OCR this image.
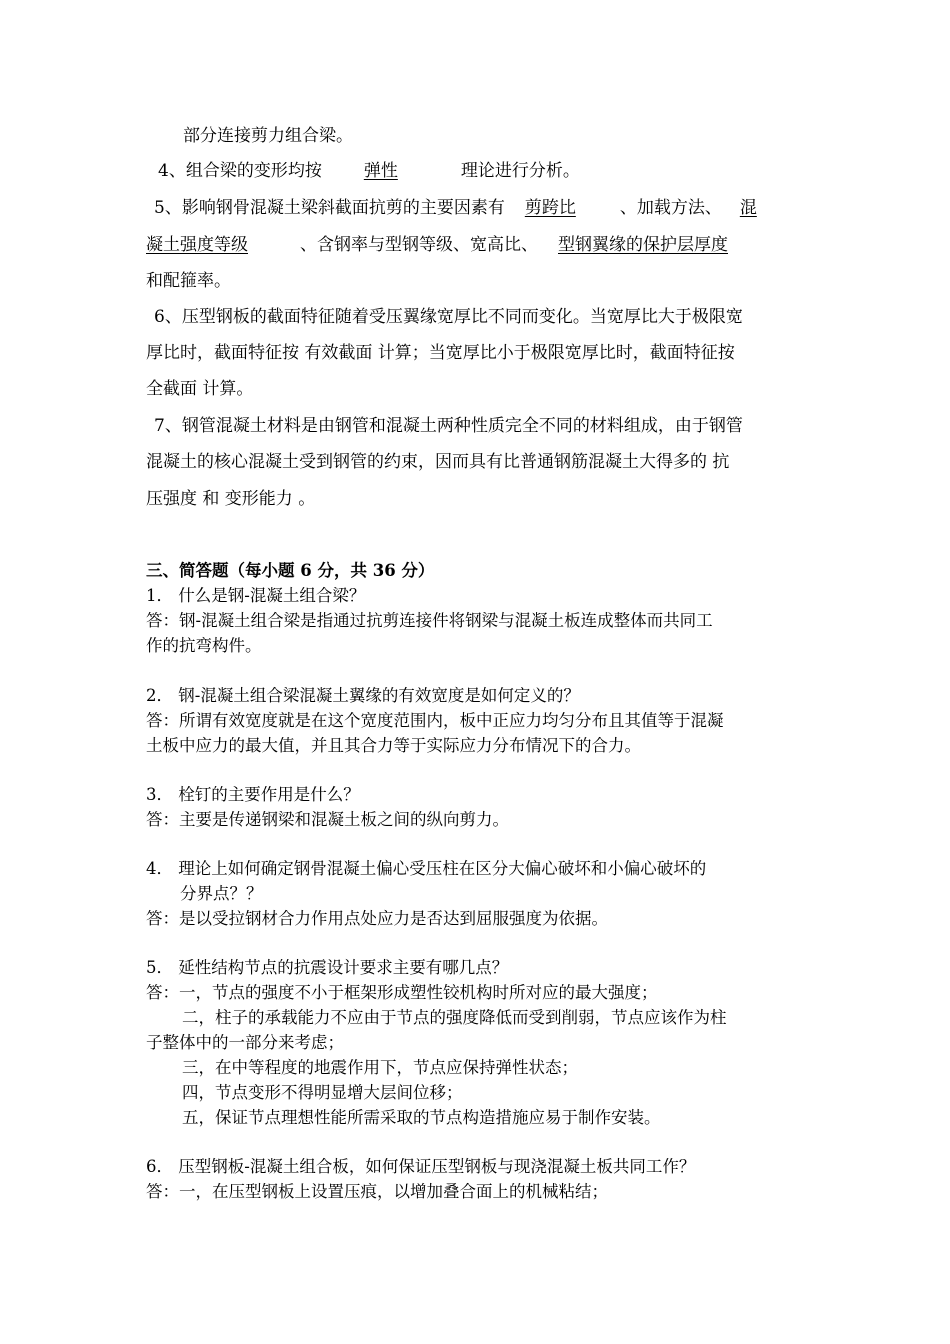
部分连接剪力组合梁。
4、组合梁的变形均按 弹性	理论进行分析。
5、影响钢骨混凝土梁斜截面抗剪的主要因素有 剪跨比	、加载方法、 混
凝土强度等级	、含钢率与型钢等级、宽高比、 型钢翼缘的保护层厚度
和配箍率。
6、压型钢板的截面特征随着受压翼缘宽厚比不同而变化。当宽厚比大于极限宽
厚比时，截面特征按 有效截面 计算；当宽厚比小于极限宽厚比时，截面特征按
全截面 计算。
7、钢管混凝土材料是由钢管和混凝土两种性质完全不同的材料组成，由于钢管
混凝土的核心混凝土受到钢管的约束，因而具有比普通钢筋混凝土大得多的 抗
压强度 和 变形能力 。
三、简答题（每小题 6 分，共 36 分）
1． 什么是钢-混凝土组合梁？
答：钢-混凝土组合梁是指通过抗剪连接件将钢梁与混凝土板连成整体而共同工
作的抗弯构件。
2． 钢-混凝土组合梁混凝土翼缘的有效宽度是如何定义的？
答：所谓有效宽度就是在这个宽度范围内，板中正应力均匀分布且其值等于混凝
土板中应力的最大值，并且其合力等于实际应力分布情况下的合力。
3． 栓钉的主要作用是什么？
答：主要是传递钢梁和混凝土板之间的纵向剪力。
4． 理论上如何确定钢骨混凝土偏心受压柱在区分大偏心破坏和小偏心破坏的
分界点？？
答：是以受拉钢材合力作用点处应力是否达到屈服强度为依据。
5． 延性结构节点的抗震设计要求主要有哪几点？
答：一，节点的强度不小于框架形成塑性铰机构时所对应的最大强度；
二，柱子的承载能力不应由于节点的强度降低而受到削弱，节点应该作为柱
子整体中的一部分来考虑；
三，在中等程度的地震作用下，节点应保持弹性状态；
四，节点变形不得明显增大层间位移；
五，保证节点理想性能所需采取的节点构造措施应易于制作安装。
6． 压型钢板-混凝土组合板，如何保证压型钢板与现浇混凝土板共同工作？
答：一，在压型钢板上设置压痕，以增加叠合面上的机械粘结；
